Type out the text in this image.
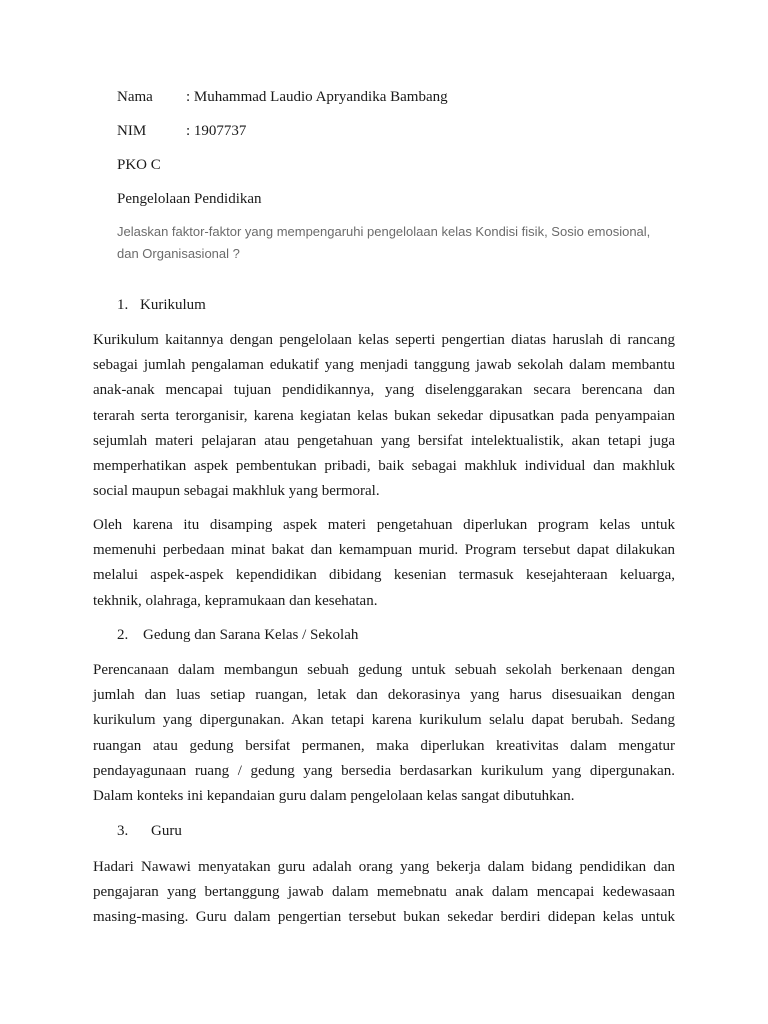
Nama : Muhammad Laudio Apryandika Bambang
NIM	: 1907737
PKO C
Pengelolaan Pendidikan
Jelaskan faktor-faktor yang mempengaruhi pengelolaan kelas Kondisi fisik, Sosio emosional,
dan Organisasional ?
1. Kurikulum
Kurikulum kaitannya dengan pengelolaan kelas seperti pengertian diatas haruslah di rancang
sebagai jumlah pengalaman edukatif yang menjadi tanggung jawab sekolah dalam membantu
anak-anak mencapai tujuan pendidikannya, yang diselenggarakan secara berencana dan
terarah serta terorganisir, karena kegiatan kelas bukan sekedar dipusatkan pada penyampaian
sejumlah materi pelajaran atau pengetahuan yang bersifat intelektualistik, akan tetapi juga
memperhatikan aspek pembentukan pribadi, baik sebagai makhluk individual dan makhluk
social maupun sebagai makhluk yang bermoral.
Oleh karena itu disamping aspek materi pengetahuan diperlukan program kelas untuk
memenuhi perbedaan minat bakat dan kemampuan murid. Program tersebut dapat dilakukan
melalui aspek-aspek kependidikan dibidang kesenian termasuk kesejahteraan keluarga,
tekhnik, olahraga, kepramukaan dan kesehatan.
2. Gedung dan Sarana Kelas / Sekolah
Perencanaan dalam membangun sebuah gedung untuk sebuah sekolah berkenaan dengan
jumlah dan luas setiap ruangan, letak dan dekorasinya yang harus disesuaikan dengan
kurikulum yang dipergunakan. Akan tetapi karena kurikulum selalu dapat berubah. Sedang
ruangan atau gedung bersifat permanen, maka diperlukan kreativitas dalam mengatur
pendayagunaan ruang / gedung yang bersedia berdasarkan kurikulum yang dipergunakan.
Dalam konteks ini kepandaian guru dalam pengelolaan kelas sangat dibutuhkan.
3. Guru
Hadari Nawawi menyatakan guru adalah orang yang bekerja dalam bidang pendidikan dan
pengajaran yang bertanggung jawab dalam memebnatu anak dalam mencapai kedewasaan
masing-masing. Guru dalam pengertian tersebut bukan sekedar berdiri didepan kelas untuk
